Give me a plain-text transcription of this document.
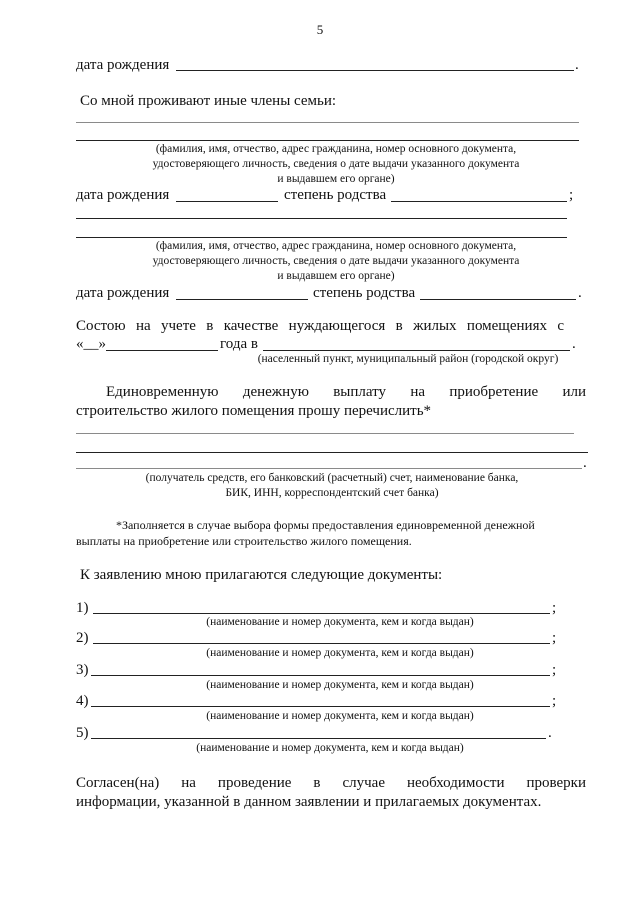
5
дата рождения	.
Со мной проживают иные члены семьи:
(фамилия, имя, отчество, адрес гражданина, номер основного документа,
удостоверяющего личность, сведения о дате выдачи указанного документа
и выдавшем его органе)
дата рождения	степень родства	;
(фамилия, имя, отчество, адрес гражданина, номер основного документа,
удостоверяющего личность, сведения о дате выдачи указанного документа
и выдавшем его органе)
дата рождения	степень родства	.
Состою на учете в качестве нуждающегося в жилых помещениях с
«__»	года в	.
(населенный пункт, муниципальный район (городской округ)
Единовременную денежную выплату на приобретение или
строительство жилого помещения прошу перечислить*
.
(получатель средств, его банковский (расчетный) счет, наименование банка,
БИК, ИНН, корреспондентский счет банка)
*Заполняется в случае выбора формы предоставления единовременной денежной
выплаты на приобретение или строительство жилого помещения.
К заявлению мною прилагаются следующие документы:
1)	;
(наименование и номер документа, кем и когда выдан)
2)	;
(наименование и номер документа, кем и когда выдан)
3)	;
(наименование и номер документа, кем и когда выдан)
4)	;
(наименование и номер документа, кем и когда выдан)
5)	.
(наименование и номер документа, кем и когда выдан)
Согласен(на) на проведение в случае необходимости проверки
информации, указанной в данном заявлении и прилагаемых документах.
